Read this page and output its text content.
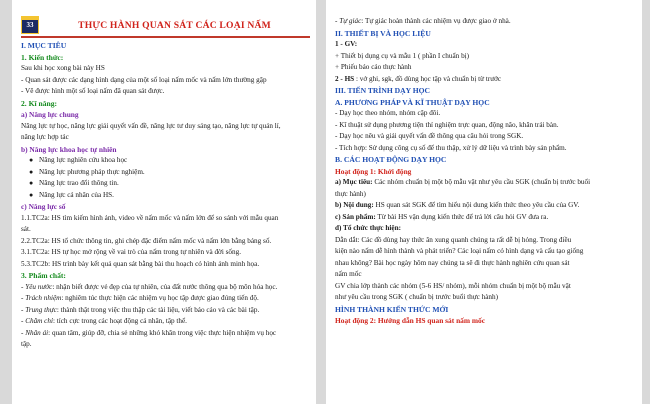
33	THỰC HÀNH QUAN SÁT CÁC LOẠI NẤM
I. MỤC TIÊU
1. Kiến thức:
Sau khi học xong bài này HS
- Quan sát được các dạng hình dạng của một số loại nấm mốc và nấm lớn thường gặp
- Vẽ được hình một số loại nấm đã quan sát được.
2. Kĩ năng:
a) Năng lực chung
Năng lực tự học, năng lực giải quyết vấn đề, năng lực tư duy sáng tạo, năng lực tự quản lí,
năng lực hợp tác
b) Năng lực khoa học tự nhiên
● Năng lực nghiên cứu khoa học
● Năng lực phương pháp thực nghiệm.
● Năng lực trao đổi thông tin.
● Năng lực cá nhân của HS.
c) Năng lực số
1.1.TC2a: HS tìm kiếm hình ảnh, video về nấm mốc và nấm lớn để so sánh với mẫu quan
sát.
2.2.TC2a: HS tổ chức thông tin, ghi chép đặc điểm nấm mốc và nấm lớn bằng bảng số.
3.1.TC2a: HS tự học mở rộng về vai trò của nấm trong tự nhiên và đời sống.
5.3.TC2b: HS trình bày kết quả quan sát bằng bài thu hoạch có hình ảnh minh họa.
3. Phẩm chất:
- Yêu nước: nhận biết được vẻ đẹp của tự nhiên, của đất nước thông qua bộ môn hóa học.
- Trách nhiệm: nghiêm túc thực hiện các nhiệm vụ học tập được giao đúng tiến độ.
- Trung thực: thành thật trong việc thu thập các tài liệu, viết báo cáo và các bài tập.
- Chăm chỉ: tích cực trong các hoạt động cá nhân, tập thể.
- Nhân ái: quan tâm, giúp đỡ, chia sẻ những khó khăn trong việc thực hiện nhiệm vụ học
tập.
- Tự giác: Tự giác hoàn thành các nhiệm vụ được giao ở nhà.
II. THIẾT BỊ VÀ HỌC LIỆU
1 - GV:
+ Thiết bị dụng cụ và mẫu 1 ( phần I chuẩn bị)
+ Phiếu báo cáo thực hành
2 - HS : vở ghi, sgk, đồ dùng học tập và chuẩn bị từ trước
III. TIẾN TRÌNH DẠY HỌC
A. PHƯƠNG PHÁP VÀ KĨ THUẬT DẠY HỌC
- Dạy học theo nhóm, nhóm cặp đôi.
- Kĩ thuật sử dụng phương tiện thí nghiệm trực quan, động não, khăn trải bàn.
- Dạy học nêu và giải quyết vấn đề thông qua câu hỏi trong SGK.
- Tích hợp: Sử dụng công cụ số để thu thập, xử lý dữ liệu và trình bày sản phẩm.
B. CÁC HOẠT ĐỘNG DẠY HỌC
Hoạt động 1: Khởi động
a) Mục tiêu: Các nhóm chuẩn bị một bộ mẫu vật như yêu cầu SGK (chuẩn bị trước buổi
thực hành)
b) Nội dung: HS quan sát SGK để tìm hiểu nội dung kiến thức theo yêu cầu của GV.
c) Sản phẩm: Từ bài HS vận dụng kiến thức để trả lời câu hỏi GV đưa ra.
d) Tổ chức thực hiện:
Dẫn dắt: Các đồ dùng hay thức ăn xung quanh chúng ta rất dễ bị hỏng. Trong điều
kiện nào nấm dễ hình thành và phát triển? Các loại nấm có hình dạng và cấu tạo giống
nhau không? Bài học ngày hôm nay chúng ta sẽ đi thực hành nghiên cứu quan sát
nấm mốc
GV chia lớp thành các nhóm (5-6 HS/ nhóm), mỗi nhóm chuẩn bị một bộ mẫu vật
như yêu cầu trong SGK ( chuẩn bị trước buổi thực hành)
HÌNH THÀNH KIẾN THỨC MỚI
Hoạt động 2: Hướng dẫn HS quan sát nấm mốc
